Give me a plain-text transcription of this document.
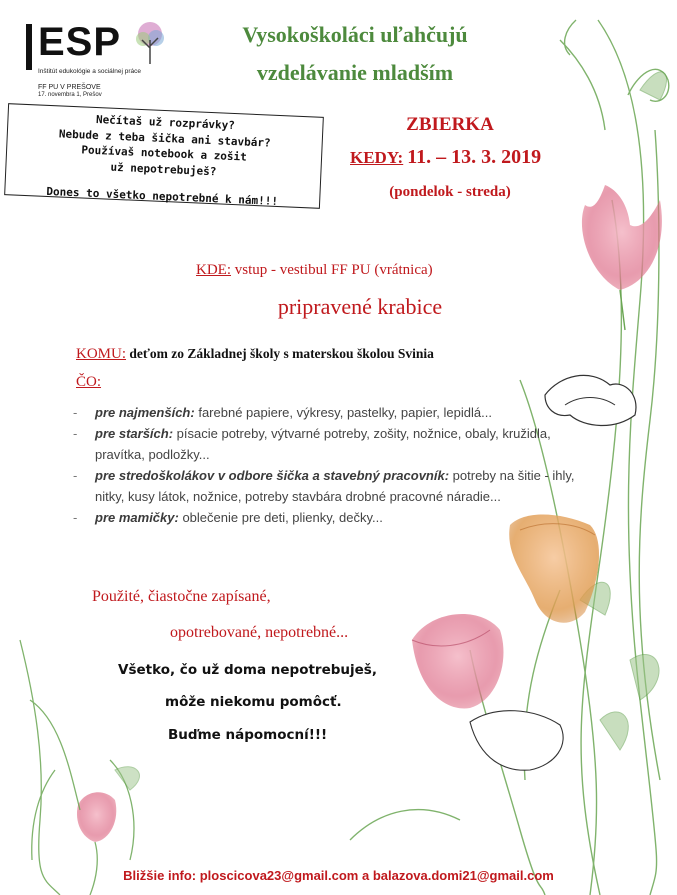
ESP
Inštitút edukológie a sociálnej práce
FF PU V PREŠOVE
17. novembra 1, Prešov
Vysokoškoláci uľahčujú
vzdelávanie mladším

Nečítaš už rozprávky?

Nebude z teba šička ani stavbár?

Používaš notebook a zošit

už nepotrebuješ?

Dones to všetko nepotrebné k nám!!!

ZBIERKA
KEDY: 11. – 13. 3. 2019
(pondelok - streda)
KDE: vstup - vestibul FF PU (vrátnica)
pripravené krabice
KOMU: deťom zo Základnej školy s materskou školou Svinia
ČO:
- pre najmenších: farebné papiere, výkresy, pastelky, papier, lepidlá...
- pre starších: písacie potreby, výtvarné potreby, zošity, nožnice, obaly, kružidla, pravítka, podložky...
- pre stredoškolákov v odbore šička a stavebný pracovník: potreby na šitie - ihly, nitky, kusy látok, nožnice, potreby stavbára drobné pracovné náradie...
- pre mamičky: oblečenie pre deti, plienky, dečky...
Použité, čiastočne zapísané,
opotrebované, nepotrebné...
Všetko, čo už doma nepotrebuješ,
môže niekomu pomôcť.
Buďme nápomocní!!!
Bližšie info: ploscicova23@gmail.com a balazova.domi21@gmail.com
